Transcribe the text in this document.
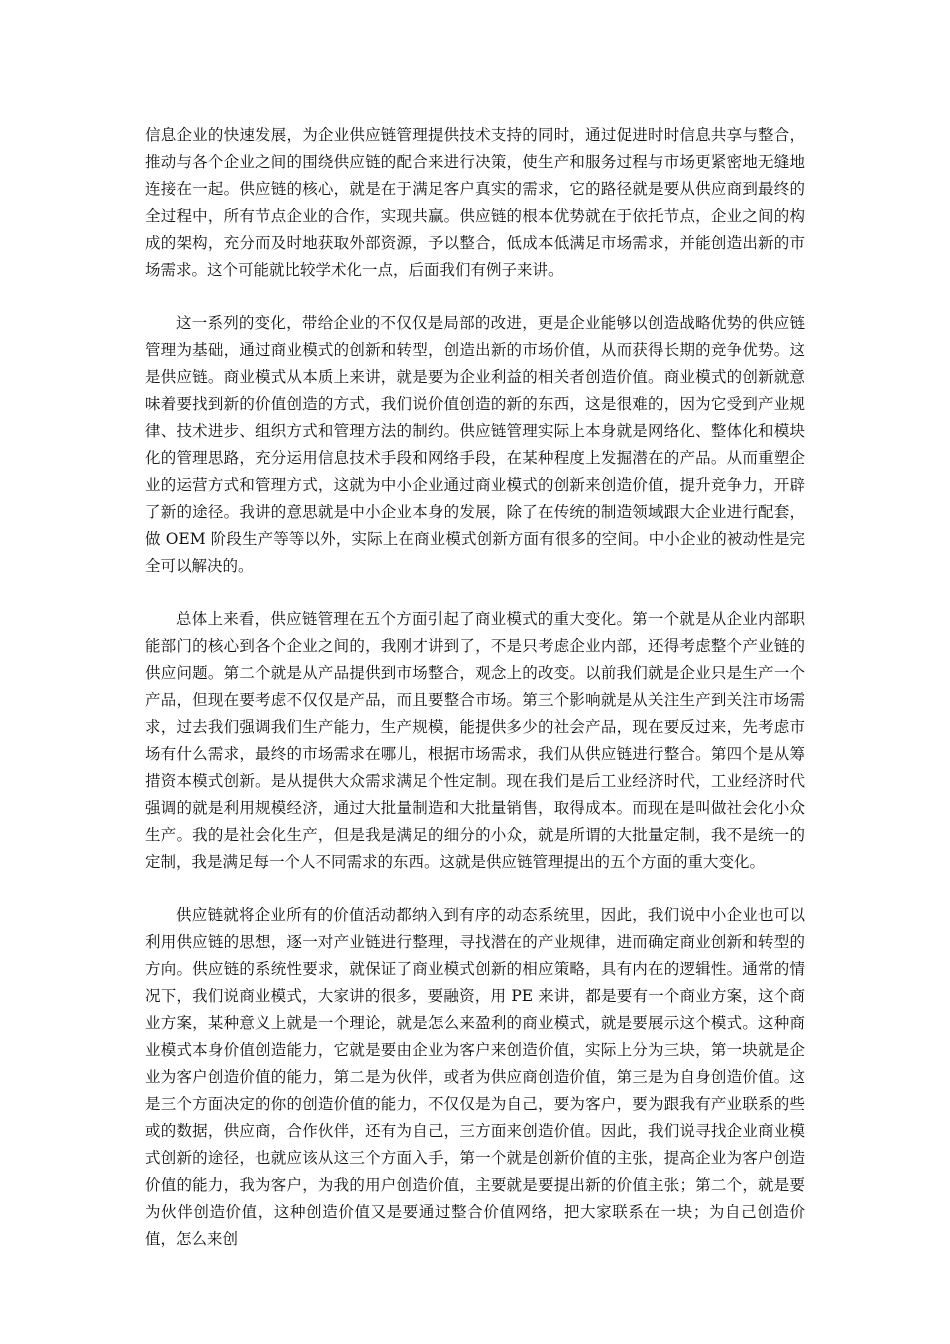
信息企业的快速发展，为企业供应链管理提供技术支持的同时，通过促进时时信息共享与整合，推动与各个企业之间的围绕供应链的配合来进行决策，使生产和服务过程与市场更紧密地无缝地连接在一起。供应链的核心，就是在于满足客户真实的需求，它的路径就是要从供应商到最终的全过程中，所有节点企业的合作，实现共赢。供应链的根本优势就在于依托节点，企业之间的构成的架构，充分而及时地获取外部资源，予以整合，低成本低满足市场需求，并能创造出新的市场需求。这个可能就比较学术化一点，后面我们有例子来讲。

这一系列的变化，带给企业的不仅仅是局部的改进，更是企业能够以创造战略优势的供应链管理为基础，通过商业模式的创新和转型，创造出新的市场价值，从而获得长期的竞争优势。这是供应链。商业模式从本质上来讲，就是要为企业利益的相关者创造价值。商业模式的创新就意味着要找到新的价值创造的方式，我们说价值创造的新的东西，这是很难的，因为它受到产业规律、技术进步、组织方式和管理方法的制约。供应链管理实际上本身就是网络化、整体化和模块化的管理思路，充分运用信息技术手段和网络手段，在某种程度上发掘潜在的产品。从而重塑企业的运营方式和管理方式，这就为中小企业通过商业模式的创新来创造价值，提升竞争力，开辟了新的途径。我讲的意思就是中小企业本身的发展，除了在传统的制造领域跟大企业进行配套，做 OEM 阶段生产等等以外，实际上在商业模式创新方面有很多的空间。中小企业的被动性是完全可以解决的。

总体上来看，供应链管理在五个方面引起了商业模式的重大变化。第一个就是从企业内部职能部门的核心到各个企业之间的，我刚才讲到了，不是只考虑企业内部，还得考虑整个产业链的供应问题。第二个就是从产品提供到市场整合，观念上的改变。以前我们就是企业只是生产一个产品，但现在要考虑不仅仅是产品，而且要整合市场。第三个影响就是从关注生产到关注市场需求，过去我们强调我们生产能力，生产规模，能提供多少的社会产品，现在要反过来，先考虑市场有什么需求，最终的市场需求在哪儿，根据市场需求，我们从供应链进行整合。第四个是从筹措资本模式创新。是从提供大众需求满足个性定制。现在我们是后工业经济时代，工业经济时代强调的就是利用规模经济，通过大批量制造和大批量销售，取得成本。而现在是叫做社会化小众生产。我的是社会化生产，但是我是满足的细分的小众，就是所谓的大批量定制，我不是统一的定制，我是满足每一个人不同需求的东西。这就是供应链管理提出的五个方面的重大变化。

供应链就将企业所有的价值活动都纳入到有序的动态系统里，因此，我们说中小企业也可以利用供应链的思想，逐一对产业链进行整理，寻找潜在的产业规律，进而确定商业创新和转型的方向。供应链的系统性要求，就保证了商业模式创新的相应策略，具有内在的逻辑性。通常的情况下，我们说商业模式，大家讲的很多，要融资，用 PE 来讲，都是要有一个商业方案，这个商业方案，某种意义上就是一个理论，就是怎么来盈利的商业模式，就是要展示这个模式。这种商业模式本身价值创造能力，它就是要由企业为客户来创造价值，实际上分为三块，第一块就是企业为客户创造价值的能力，第二是为伙伴，或者为供应商创造价值，第三是为自身创造价值。这是三个方面决定的你的创造价值的能力，不仅仅是为自己，要为客户，要为跟我有产业联系的些或的数据，供应商，合作伙伴，还有为自己，三方面来创造价值。因此，我们说寻找企业商业模式创新的途径，也就应该从这三个方面入手，第一个就是创新价值的主张，提高企业为客户创造价值的能力，我为客户，为我的用户创造价值，主要就是要提出新的价值主张；第二个，就是要为伙伴创造价值，这种创造价值又是要通过整合价值网络，把大家联系在一块；为自己创造价值，怎么来创
